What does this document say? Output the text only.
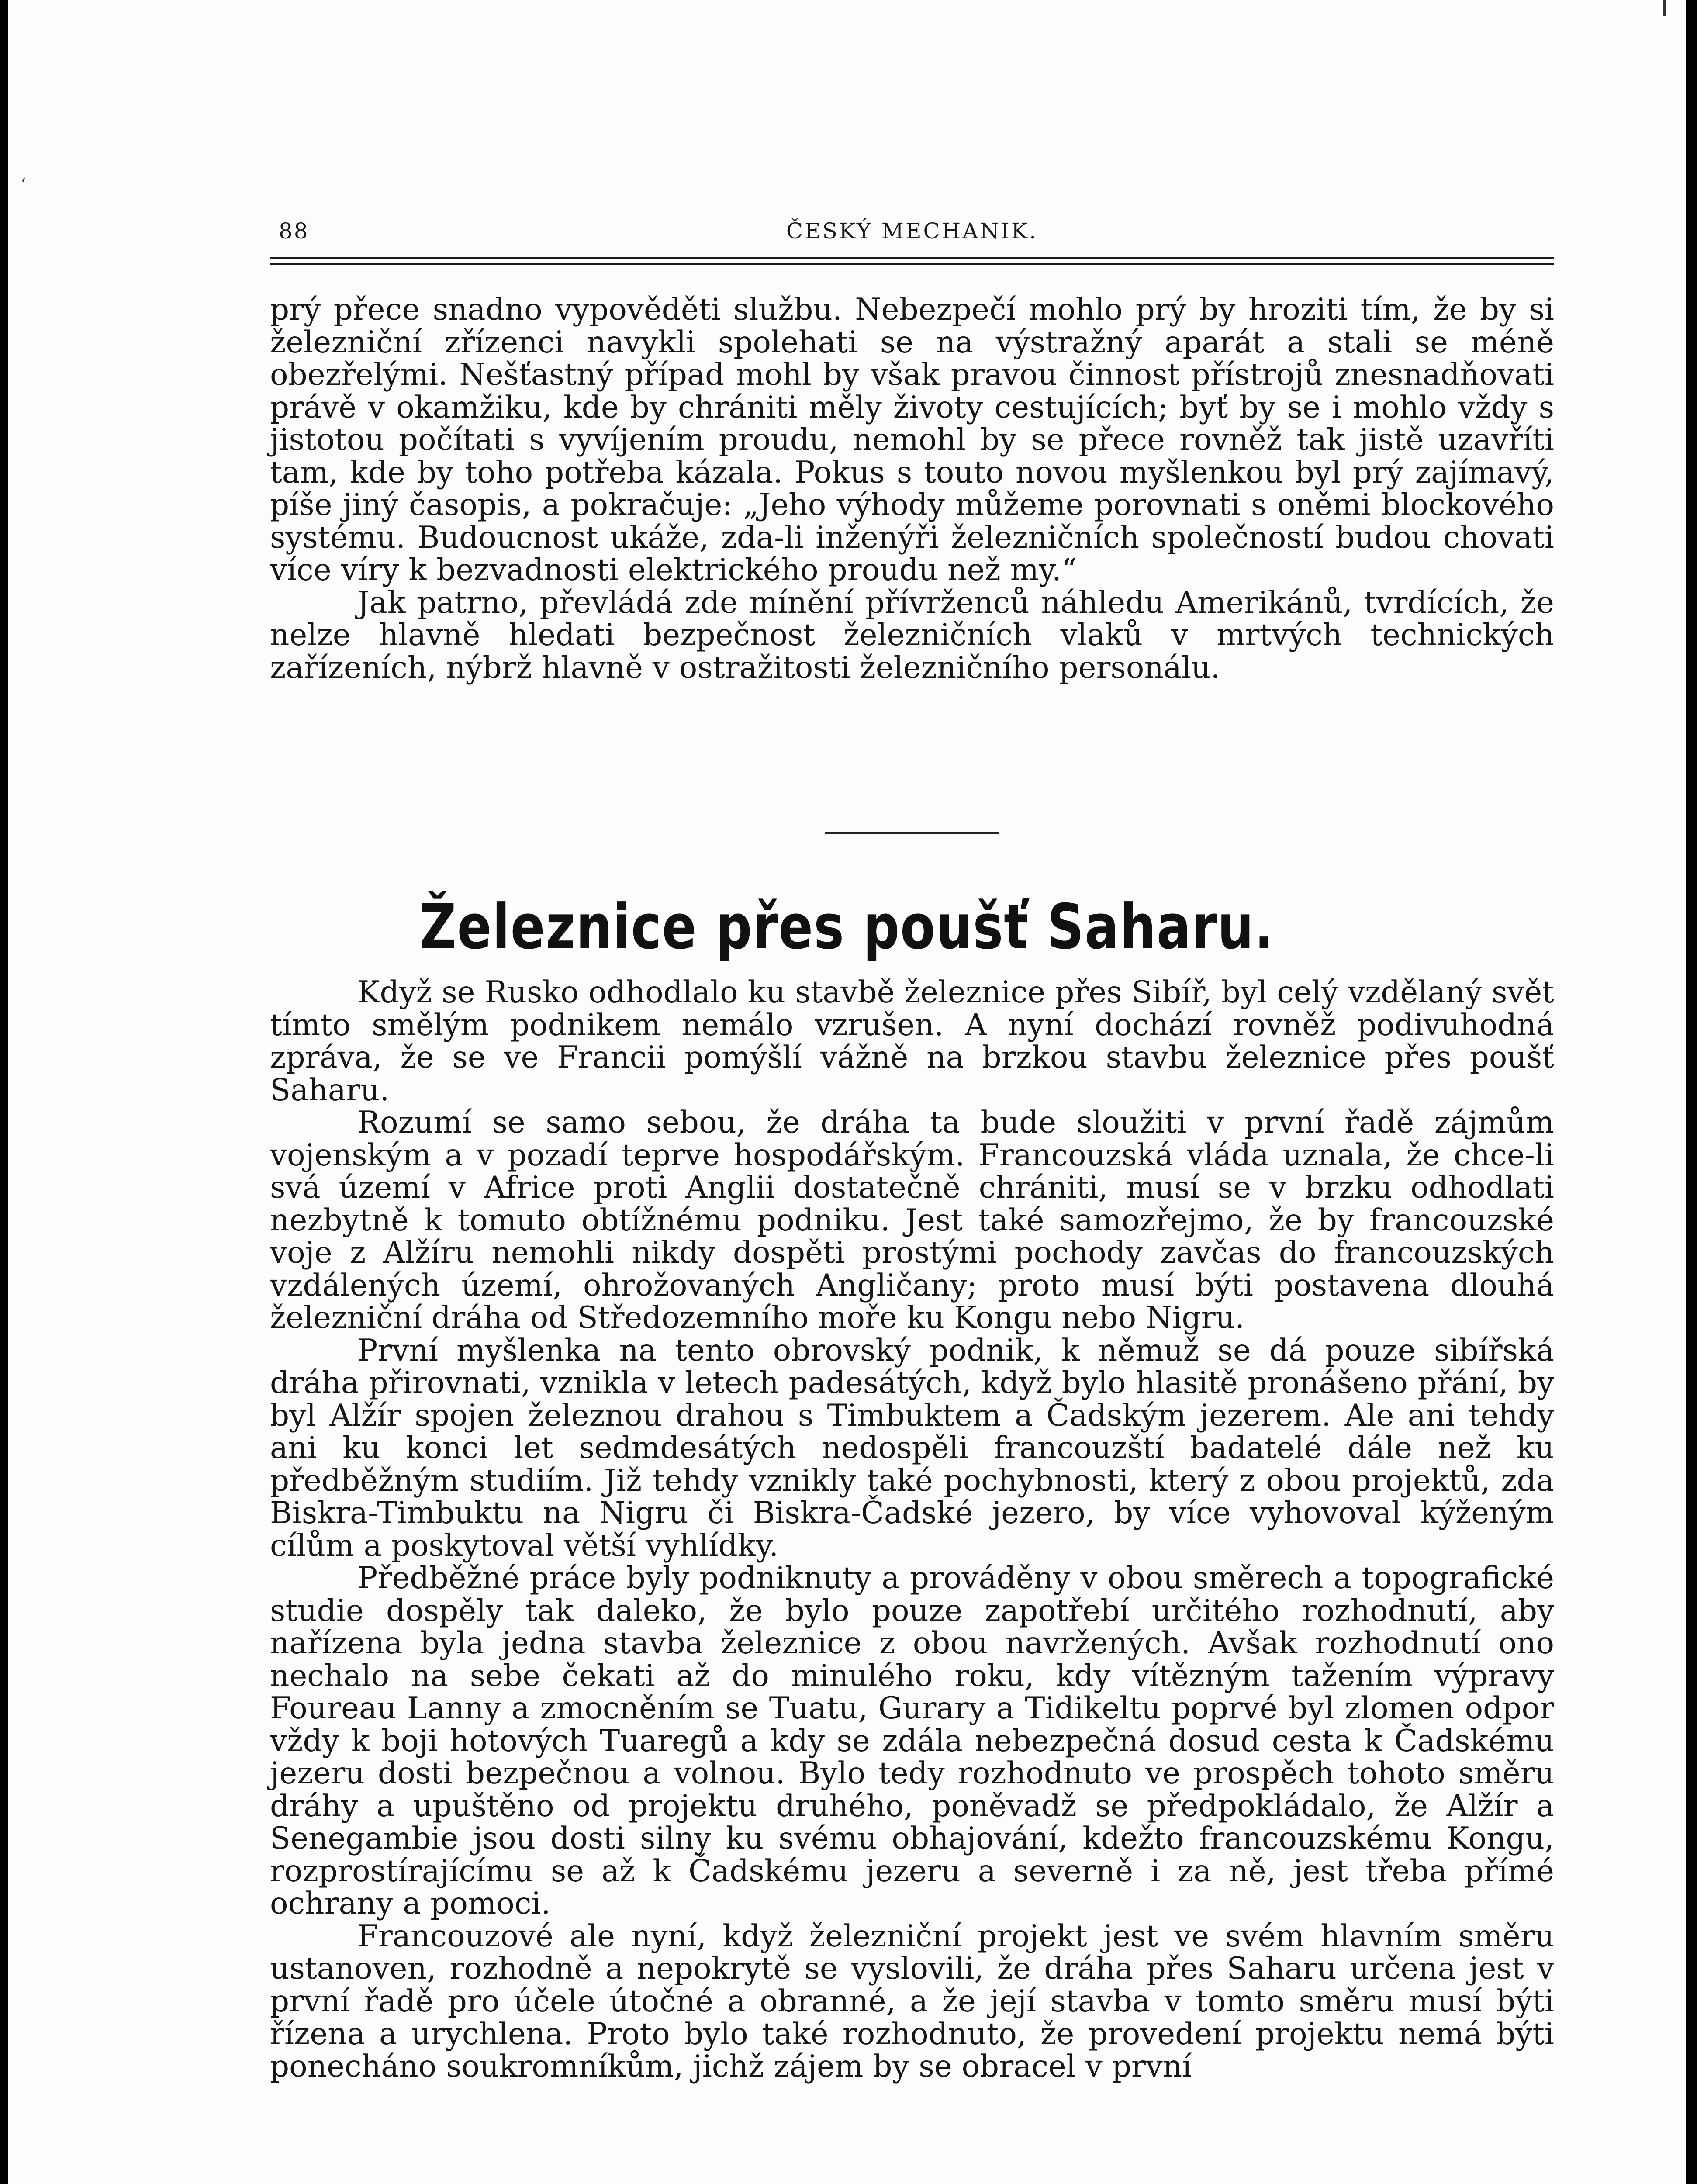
88	ČESKÝ MECHANIK.

prý přece snadno vypověděti službu. Nebezpečí mohlo prý by hroziti tím, že by si železniční zřízenci navykli spolehati se na výstražný aparát a stali se méně obezřelými. Nešťastný případ mohl by však pravou činnost přístrojů znesnadňovati právě v okamžiku, kde by chrániti měly životy cestujících; byť by se i mohlo vždy s jistotou počítati s vyvíjením proudu, nemohl by se přece rovněž tak jistě uzavříti tam, kde by toho potřeba kázala. Pokus s touto novou myšlenkou byl prý zajímavý, píše jiný časopis, a pokračuje: „Jeho výhody můžeme porovnati s oněmi blockového systému. Budoucnost ukáže, zda-li inženýři železničních společností budou chovati více víry k bezvadnosti elektrického proudu než my.“

Jak patrno, převládá zde mínění přívrženců náhledu Amerikánů, tvrdících, že nelze hlavně hledati bezpečnost železničních vlaků v mrtvých technických zařízeních, nýbrž hlavně v ostražitosti železničního personálu.

Železnice přes poušť Saharu.

Když se Rusko odhodlalo ku stavbě železnice přes Sibíř, byl celý vzdělaný svět tímto smělým podnikem nemálo vzrušen. A nyní dochází rovněž podivuhodná zpráva, že se ve Francii pomýšlí vážně na brzkou stavbu železnice přes poušť Saharu.

Rozumí se samo sebou, že dráha ta bude sloužiti v první řadě zájmům vojenským a v pozadí teprve hospodářským. Francouzská vláda uznala, že chce-li svá území v Africe proti Anglii dostatečně chrániti, musí se v brzku odhodlati nezbytně k tomuto obtížnému podniku. Jest také samozřejmo, že by francouzské voje z Alžíru nemohli nikdy dospěti prostými pochody zavčas do francouzských vzdálených území, ohrožovaných Angličany; proto musí býti postavena dlouhá železniční dráha od Středozemního moře ku Kongu nebo Nigru.

První myšlenka na tento obrovský podnik, k němuž se dá pouze sibířská dráha přirovnati, vznikla v letech padesátých, když bylo hlasitě pronášeno přání, by byl Alžír spojen železnou drahou s Timbuktem a Čadským jezerem. Ale ani tehdy ani ku konci let sedmdesátých nedospěli francouzští badatelé dále než ku předběžným studiím. Již tehdy vznikly také pochybnosti, který z obou projektů, zda Biskra-Timbuktu na Nigru či Biskra-Čadské jezero, by více vyhovoval kýženým cílům a poskytoval větší vyhlídky.

Předběžné práce byly podniknuty a prováděny v obou směrech a topografické studie dospěly tak daleko, že bylo pouze zapotřebí určitého rozhodnutí, aby nařízena byla jedna stavba železnice z obou navržených. Avšak rozhodnutí ono nechalo na sebe čekati až do minulého roku, kdy vítězným tažením výpravy Foureau Lanny a zmocněním se Tuatu, Gurary a Tidikeltu poprvé byl zlomen odpor vždy k boji hotových Tuaregů a kdy se zdála nebezpečná dosud cesta k Čadskému jezeru dosti bezpečnou a volnou. Bylo tedy rozhodnuto ve prospěch tohoto směru dráhy a upuštěno od projektu druhého, poněvadž se předpokládalo, že Alžír a Senegambie jsou dosti silny ku svému obhajování, kdežto francouzskému Kongu, rozprostírajícímu se až k Čadskému jezeru a severně i za ně, jest třeba přímé ochrany a pomoci.

Francouzové ale nyní, když železniční projekt jest ve svém hlavním směru ustanoven, rozhodně a nepokrytě se vyslovili, že dráha přes Saharu určena jest v první řadě pro účele útočné a obranné, a že její stavba v tomto směru musí býti řízena a urychlena. Proto bylo také rozhodnuto, že provedení projektu nemá býti ponecháno soukromníkům, jichž zájem by se obracel v první

‘
